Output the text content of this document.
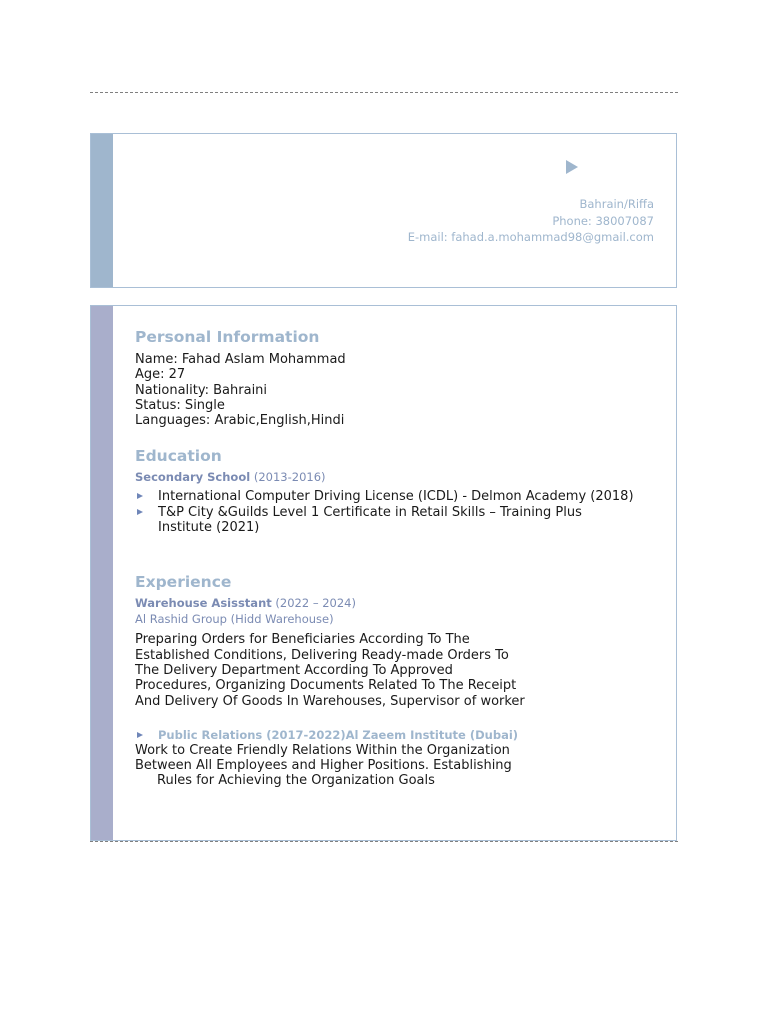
Bahrain/Riffa
Phone: 38007087
E-mail: fahad.a.mohammad98@gmail.com
Personal Information

Name: Fahad Aslam Mohammad

Age: 27

Nationality: Bahraini

Status: Single

Languages: Arabic,English,Hindi

Education
Secondary School (2013-2016)
International Computer Driving License (ICDL) - Delmon Academy (2018)
T&P City &Guilds Level 1 Certificate in Retail Skills – Training Plus Institute (2021)
Experience
Warehouse Asisstant (2022 – 2024)
Al Rashid Group (Hidd Warehouse)

Preparing Orders for Beneficiaries According To The

Established Conditions, Delivering Ready-made Orders To

The Delivery Department According To Approved

Procedures, Organizing Documents Related To The Receipt

And Delivery Of Goods In Warehouses, Supervisor of worker

Public Relations (2017-2022)Al Zaeem Institute (Dubai)

Work to Create Friendly Relations Within the Organization

Between All Employees and Higher Positions. Establishing

Rules for Achieving the Organization Goals
